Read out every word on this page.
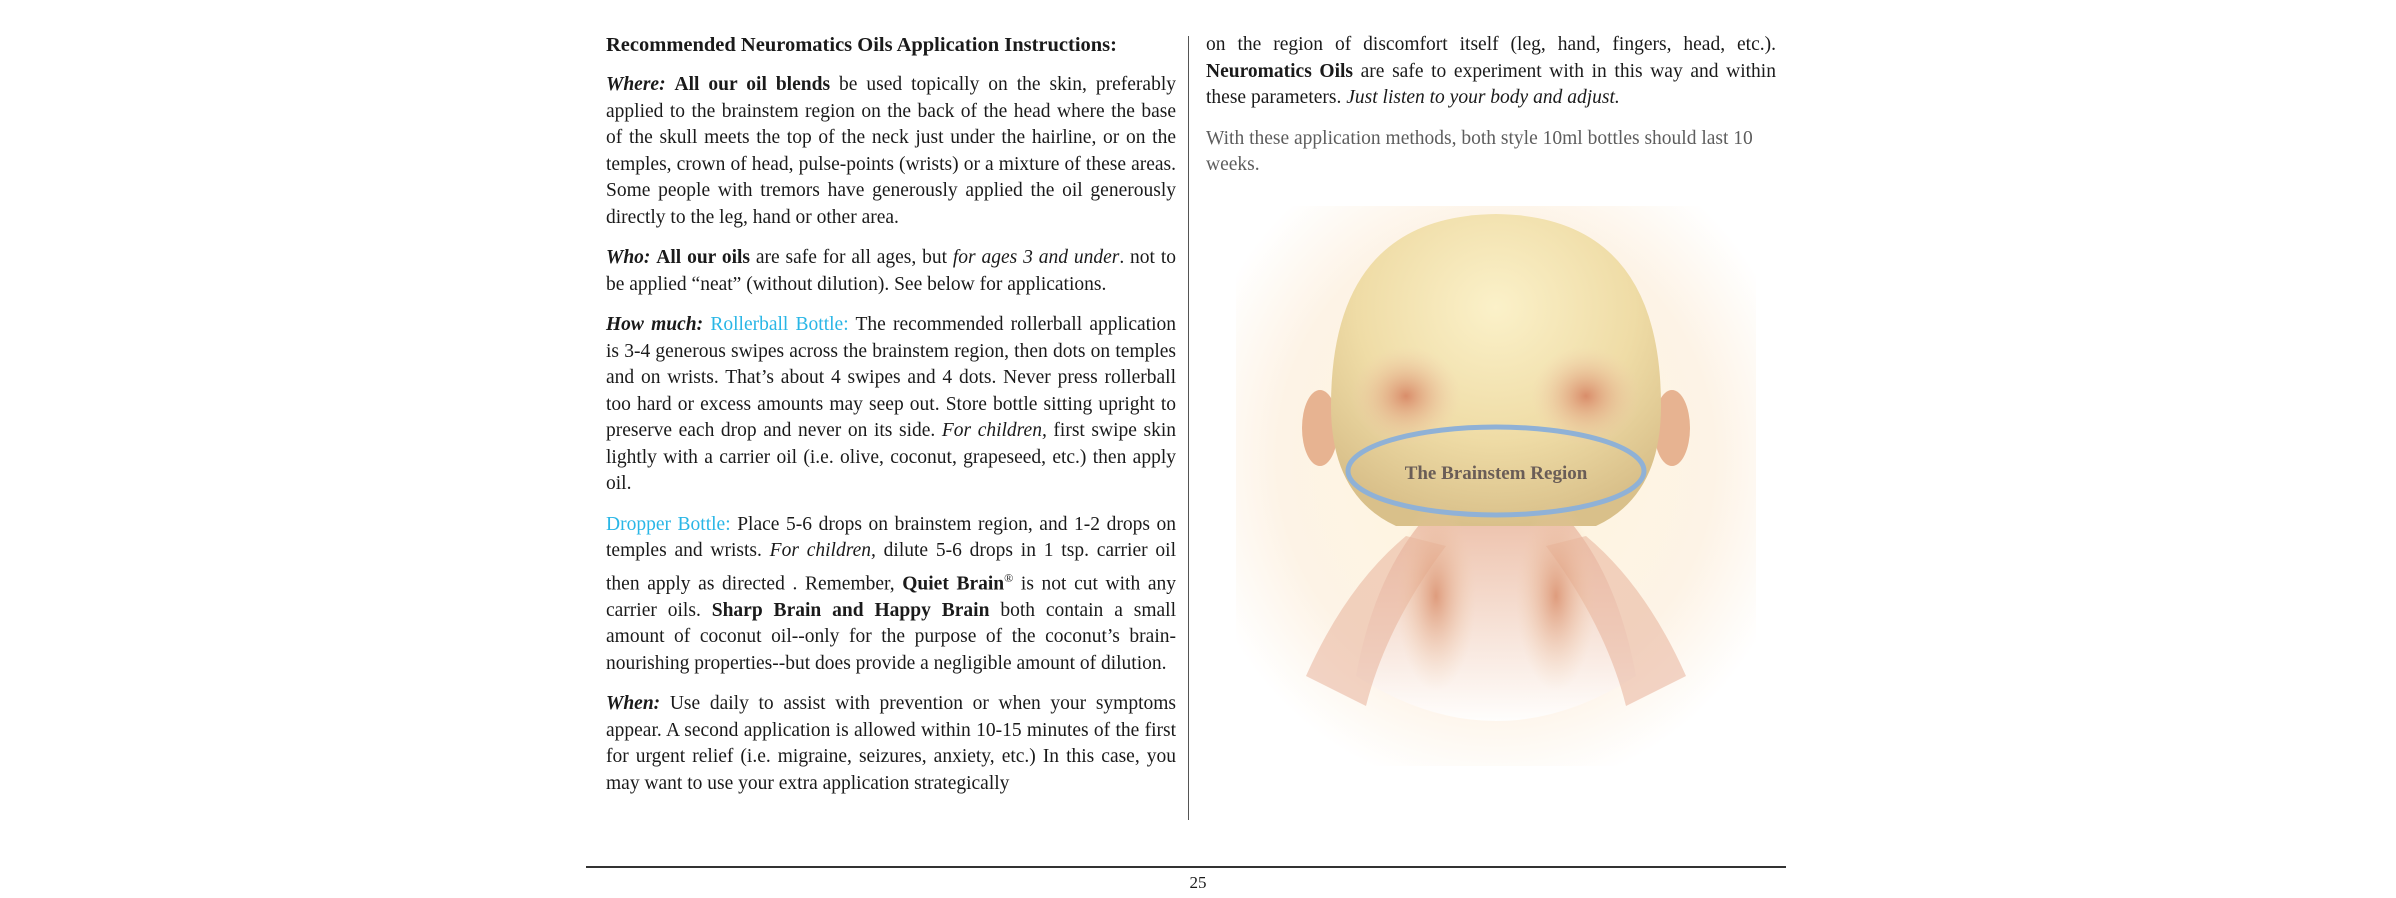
Recommended Neuromatics Oils Application Instructions:

Where: All our oil blends be used topically on the skin, preferably applied to the brainstem region on the back of the head where the base of the skull meets the top of the neck just under the hairline, or on the temples, crown of head, pulse-points (wrists) or a mixture of these areas. Some people with tremors have generously applied the oil generously directly to the leg, hand or other area.

Who: All our oils are safe for all ages, but for ages 3 and under. not to be applied “neat” (without dilution). See below for applications.

How much: Rollerball Bottle: The recommended rollerball application is 3-4 generous swipes across the brainstem region, then dots on temples and on wrists. That’s about 4 swipes and 4 dots. Never press rollerball too hard or excess amounts may seep out. Store bottle sitting upright to preserve each drop and never on its side. For children, first swipe skin lightly with a carrier oil (i.e. olive, coconut, grapeseed, etc.) then apply oil.

Dropper Bottle: Place 5-6 drops on brainstem region, and 1-2 drops on temples and wrists. For children, dilute 5-6 drops in 1 tsp. carrier oil then apply as directed . Remember, Quiet Brain® is not cut with any carrier oils. Sharp Brain and Happy Brain both contain a small amount of coconut oil--only for the purpose of the coconut’s brain-nourishing properties--but does provide a negligible amount of dilution.

When: Use daily to assist with prevention or when your symptoms appear. A second application is allowed within 10-15 minutes of the first for urgent relief (i.e. migraine, seizures, anxiety, etc.) In this case, you may want to use your extra application strategically

on the region of discomfort itself (leg, hand, fingers, head, etc.). Neuromatics Oils are safe to experiment with in this way and within these parameters. Just listen to your body and adjust.

With these application methods, both style 10ml bottles should last 10 weeks.

The Brainstem Region
25
